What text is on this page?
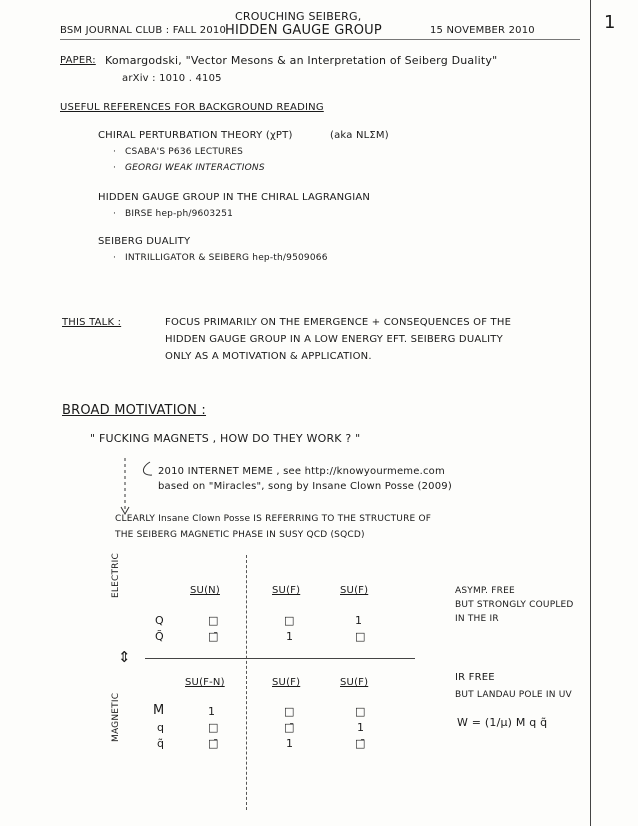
BSM JOURNAL CLUB : FALL 2010
CROUCHING SEIBERG,
HIDDEN GAUGE GROUP	15 NOVEMBER 2010	1
PAPER: Komargodski, "Vector Mesons & an Interpretation of Seiberg Duality"
arXiv : 1010 . 4105
USEFUL REFERENCES FOR BACKGROUND READING
CHIRAL PERTURBATION THEORY (χPT)	(aka NLΣM)
· CSABA'S P636 LECTURES
· GEORGI WEAK INTERACTIONS
HIDDEN GAUGE GROUP IN THE CHIRAL LAGRANGIAN
· BIRSE hep-ph/9603251
SEIBERG DUALITY
· INTRILLIGATOR & SEIBERG hep-th/9509066
THIS TALK :	FOCUS PRIMARILY ON THE EMERGENCE + CONSEQUENCES OF THE
HIDDEN GAUGE GROUP IN A LOW ENERGY EFT. SEIBERG DUALITY
ONLY AS A MOTIVATION & APPLICATION.
BROAD MOTIVATION :
" FUCKING MAGNETS , HOW DO THEY WORK ? "
2010 INTERNET MEME , see http://knowyourmeme.com
based on "Miracles", song by Insane Clown Posse (2009)
CLEARLY Insane Clown Posse IS REFERRING TO THE STRUCTURE OF
THE SEIBERG MAGNETIC PHASE IN SUSY QCD (SQCD)
ELECTRIC	SU(N)	SU(F)	SU(F)
Q	□	□	1
Q̃	□̄	1	□
ASYMP. FREE
BUT STRONGLY COUPLED
IN THE IR
⇕
MAGNETIC
SU(F-N)	SU(F)	SU(F)
M	1	□	□
q	□	□̄	1
q̃	□̄	1	□̄
IR FREE
BUT LANDAU POLE IN UV
W = (1/μ) M q q̃
